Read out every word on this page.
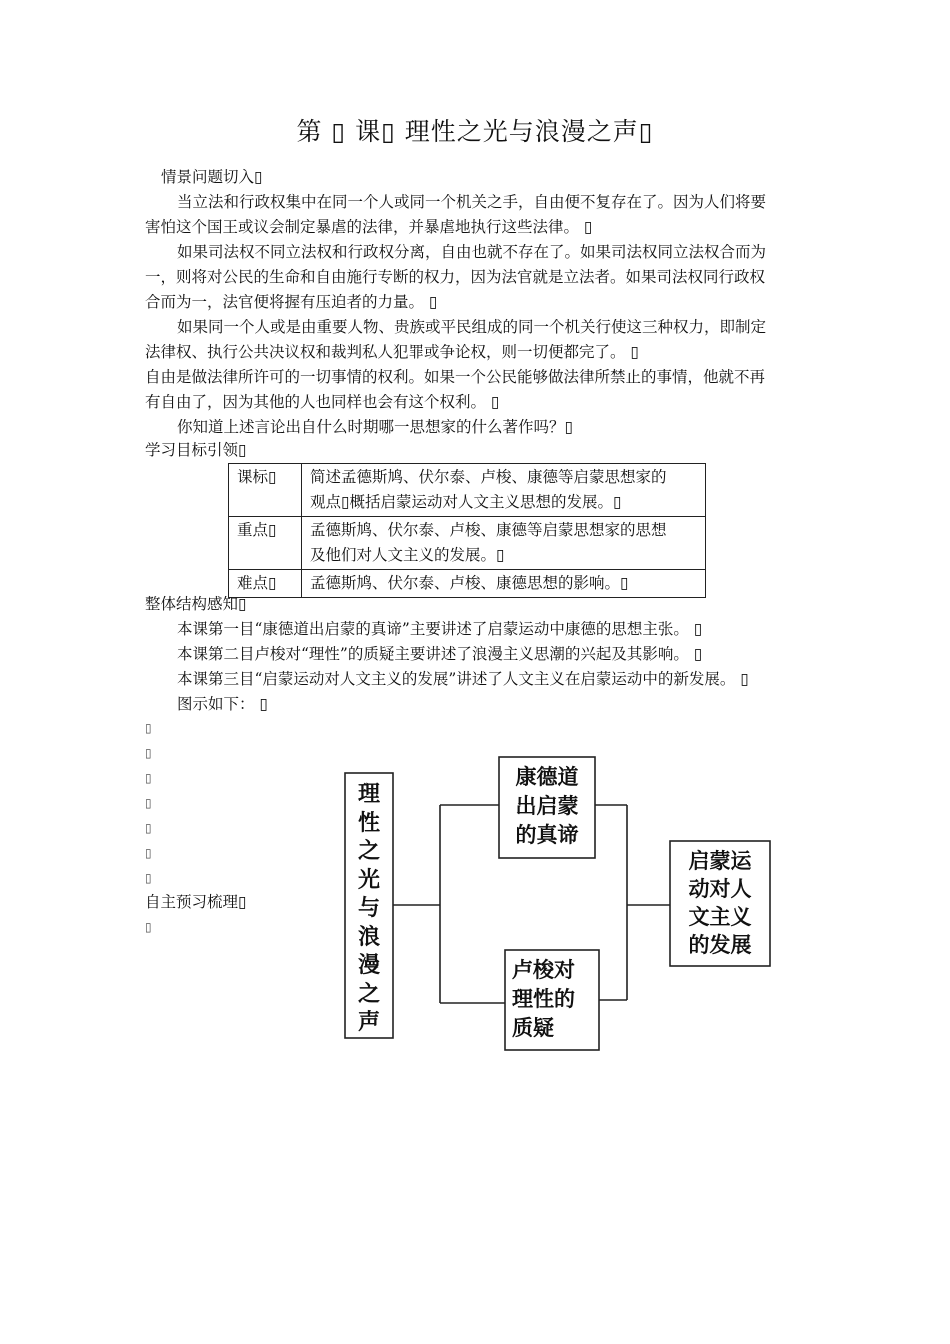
第 ▯ 课▯ 理性之光与浪漫之声▯
情景问题切入▯
当立法和行政权集中在同一个人或同一个机关之手，自由便不复存在了。因为人们将要
害怕这个国王或议会制定暴虐的法律，并暴虐地执行这些法律。 ▯
如果司法权不同立法权和行政权分离，自由也就不存在了。如果司法权同立法权合而为
一，则将对公民的生命和自由施行专断的权力，因为法官就是立法者。如果司法权同行政权
合而为一，法官便将握有压迫者的力量。 ▯
如果同一个人或是由重要人物、贵族或平民组成的同一个机关行使这三种权力，即制定
法律权、执行公共决议权和裁判私人犯罪或争论权，则一切便都完了。 ▯
自由是做法律所许可的一切事情的权利。如果一个公民能够做法律所禁止的事情，他就不再
有自由了，因为其他的人也同样也会有这个权利。 ▯
你知道上述言论出自什么时期哪一思想家的什么著作吗？▯
学习目标引领▯
课标▯	简述孟德斯鸠、伏尔泰、卢梭、康德等启蒙思想家的
观点▯概括启蒙运动对人文主义思想的发展。▯

重点▯	孟德斯鸠、伏尔泰、卢梭、康德等启蒙思想家的思想
及他们对人文主义的发展。▯

难点▯	孟德斯鸠、伏尔泰、卢梭、康德思想的影响。▯
整体结构感知▯
本课第一目“康德道出启蒙的真谛”主要讲述了启蒙运动中康德的思想主张。 ▯
本课第二目卢梭对“理性”的质疑主要讲述了浪漫主义思潮的兴起及其影响。 ▯
本课第三目“启蒙运动对人文主义的发展”讲述了人文主义在启蒙运动中的新发展。 ▯
图示如下： ▯
▯
▯
▯
▯
▯
▯
▯
自主预习梳理▯
▯
理
性
之
光
与
浪
漫
之
声
康德道
出启蒙
的真谛
卢梭对
理性的
质疑
启蒙运
动对人
文主义
的发展
